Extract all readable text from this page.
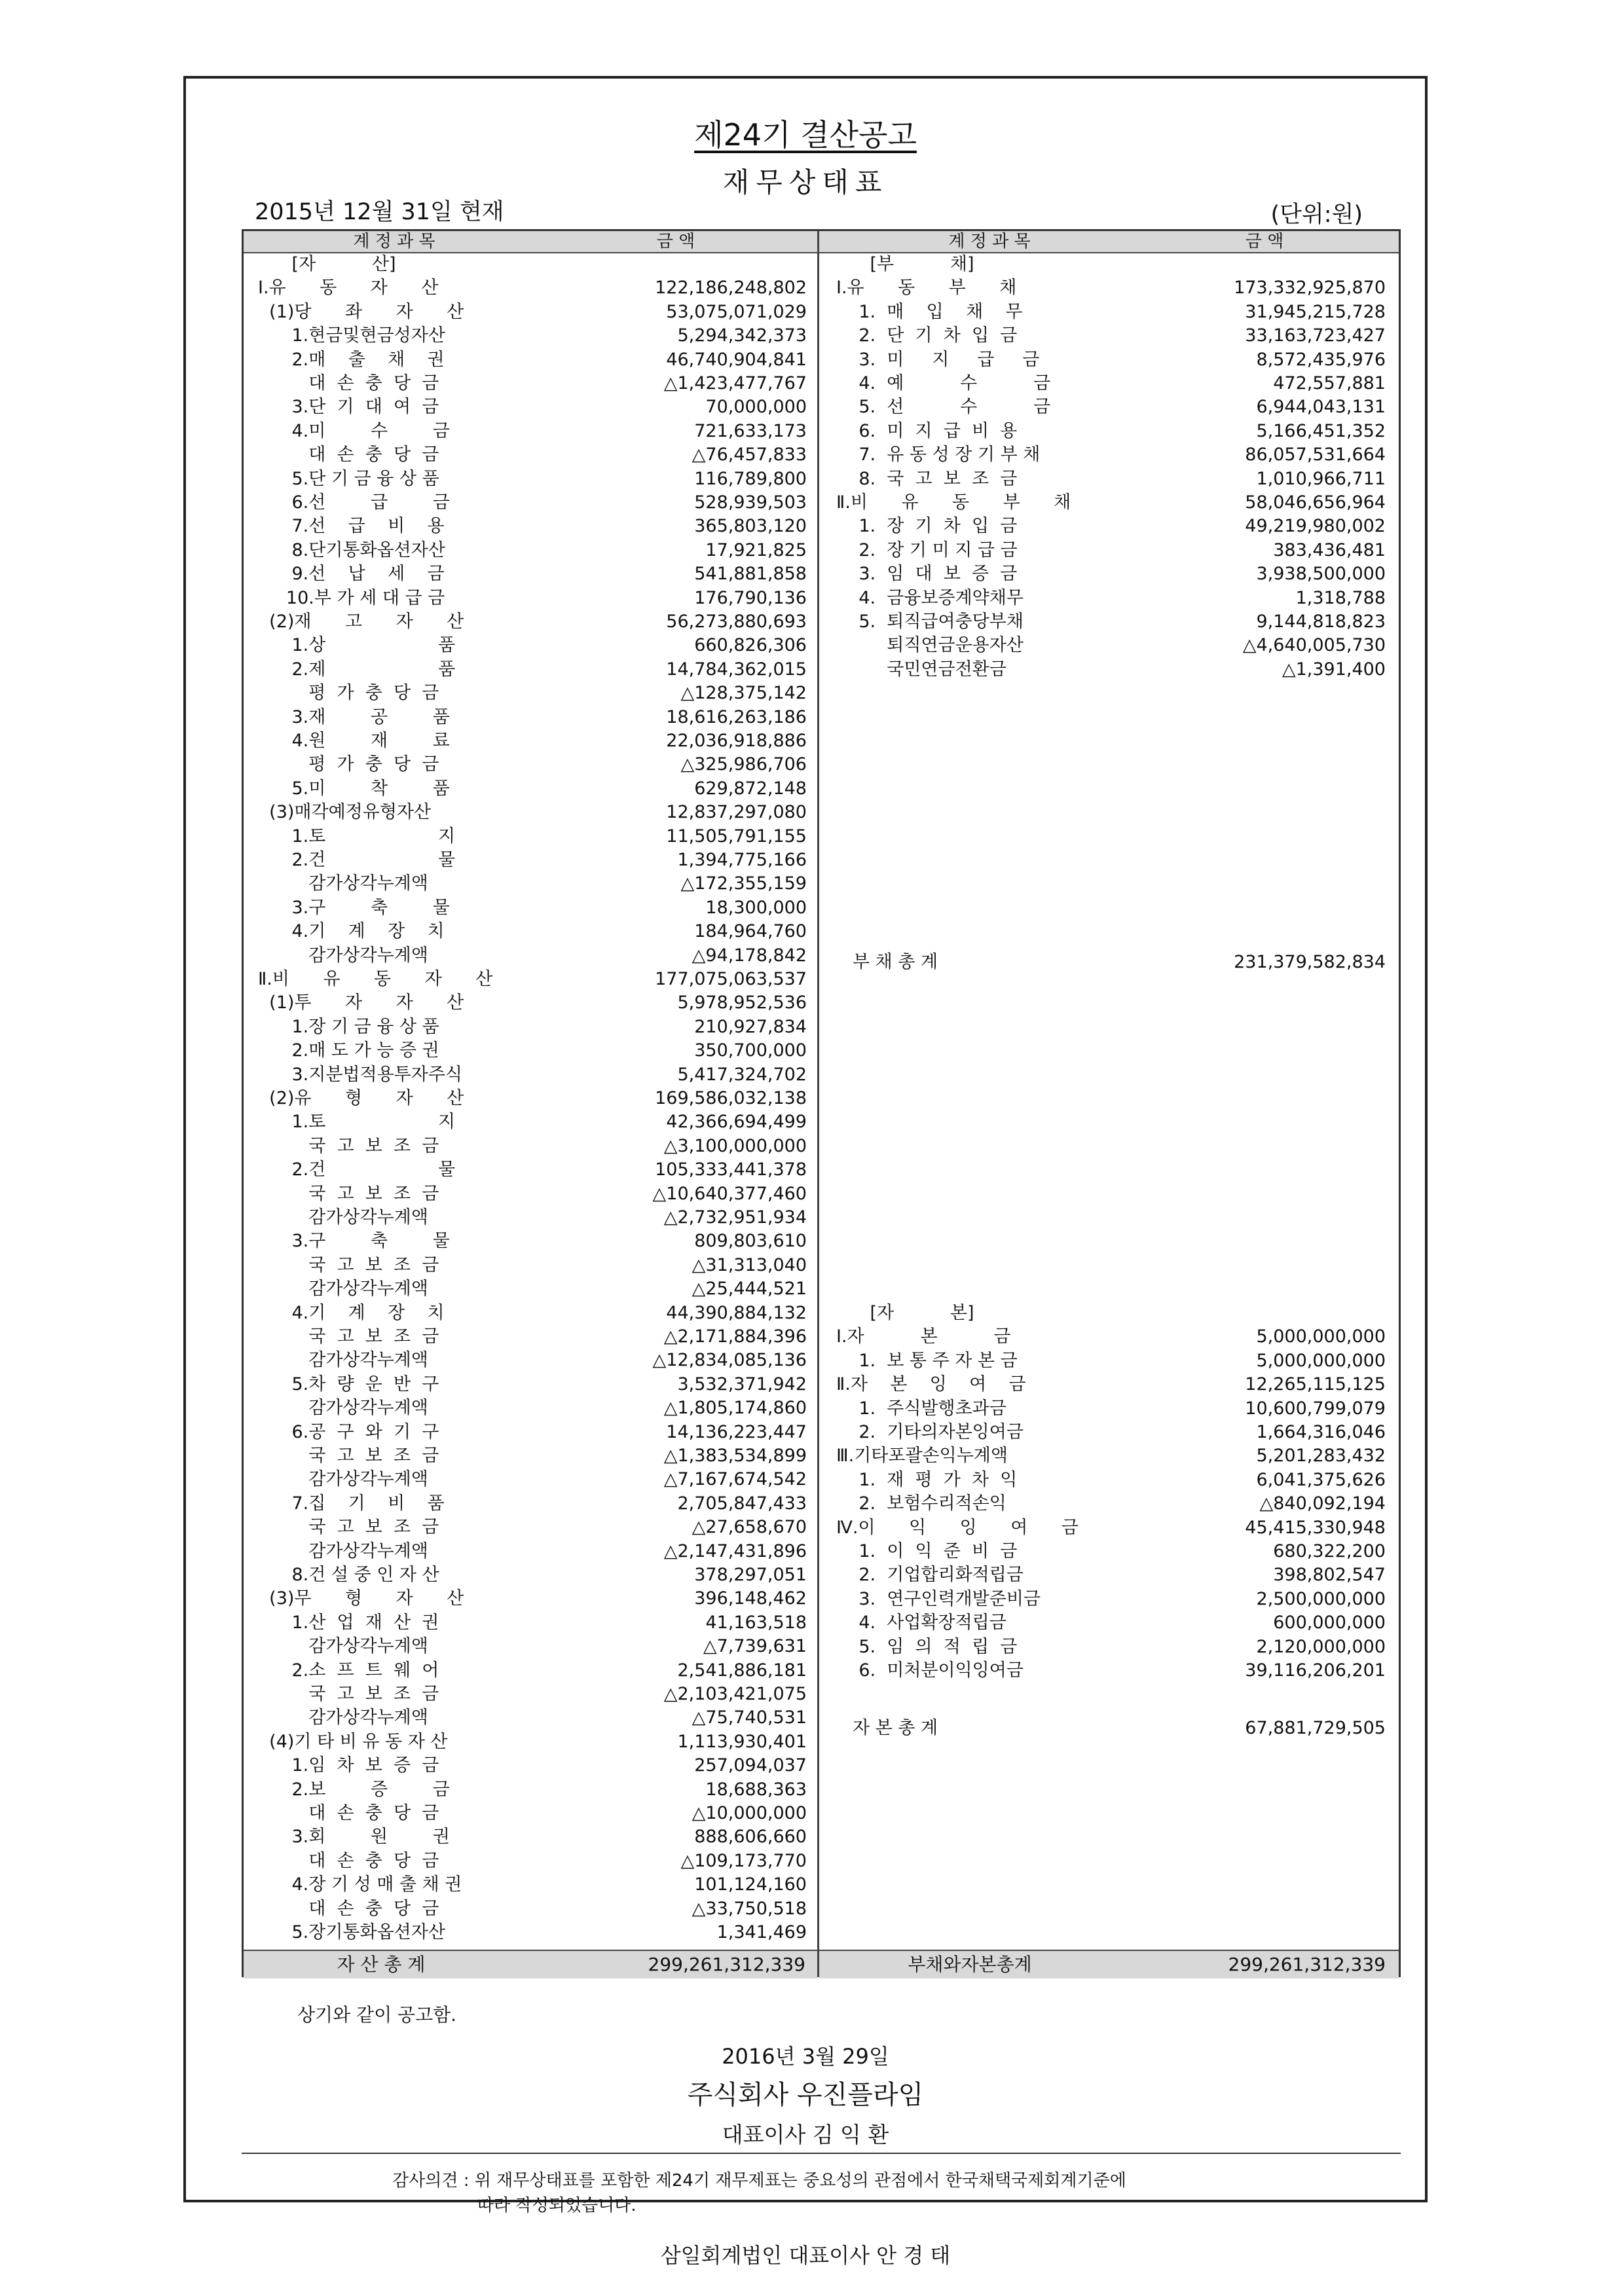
제24기 결산공고
재무상태표
2015년 12월 31일 현재	(단위:원)
계 정 과 목	금 액	계 정 과 목	금 액
[자          산]
Ⅰ.유      동      자      산	122,186,248,802
(1)당      좌      자      산	53,075,071,029
1.현금및현금성자산	5,294,342,373
2.매    출    채    권	46,740,904,841
대  손  충  당  금	△1,423,477,767
3.단  기  대  여  금	70,000,000
4.미        수        금	721,633,173
대  손  충  당  금	△76,457,833
5.단 기 금 융 상 품	116,789,800
6.선        급        금	528,939,503
7.선    급    비    용	365,803,120
8.단기통화옵션자산	17,921,825
9.선    납    세    금	541,881,858
10.부 가 세 대 급 금	176,790,136
(2)재      고      자      산	56,273,880,693
1.상                    품	660,826,306
2.제                    품	14,784,362,015
평  가  충  당  금	△128,375,142
3.재        공        품	18,616,263,186
4.원        재        료	22,036,918,886
평  가  충  당  금	△325,986,706
5.미        착        품	629,872,148
(3)매각예정유형자산	12,837,297,080
1.토                    지	11,505,791,155
2.건                    물	1,394,775,166
감가상각누계액	△172,355,159
3.구        축        물	18,300,000
4.기    계    장    치	184,964,760
감가상각누계액	△94,178,842
Ⅱ.비      유      동      자      산	177,075,063,537
(1)투      자      자      산	5,978,952,536
1.장 기 금 융 상 품	210,927,834
2.매 도 가 능 증 권	350,700,000
3.지분법적용투자주식	5,417,324,702
(2)유      형      자      산	169,586,032,138
1.토                    지	42,366,694,499
국  고  보  조  금	△3,100,000,000
2.건                    물	105,333,441,378
국  고  보  조  금	△10,640,377,460
감가상각누계액	△2,732,951,934
3.구        축        물	809,803,610
국  고  보  조  금	△31,313,040
감가상각누계액	△25,444,521
4.기    계    장    치	44,390,884,132
국  고  보  조  금	△2,171,884,396
감가상각누계액	△12,834,085,136
5.차  량  운  반  구	3,532,371,942
감가상각누계액	△1,805,174,860
6.공  구  와  기  구	14,136,223,447
국  고  보  조  금	△1,383,534,899
감가상각누계액	△7,167,674,542
7.집    기    비    품	2,705,847,433
국  고  보  조  금	△27,658,670
감가상각누계액	△2,147,431,896
8.건 설 중 인 자 산	378,297,051
(3)무      형      자      산	396,148,462
1.산  업  재  산  권	41,163,518
감가상각누계액	△7,739,631
2.소  프  트  웨  어	2,541,886,181
국  고  보  조  금	△2,103,421,075
감가상각누계액	△75,740,531
(4)기 타 비 유 동 자 산	1,113,930,401
1.임  차  보  증  금	257,094,037
2.보        증        금	18,688,363
대  손  충  당  금	△10,000,000
3.회        원        권	888,606,660
대  손  충  당  금	△109,173,770
4.장 기 성 매 출 채 권	101,124,160
대  손  충  당  금	△33,750,518
5.장기통화옵션자산	1,341,469
[부          채]
Ⅰ.유      동      부      채	173,332,925,870
1.  매    입    채    무	31,945,215,728
2.  단  기  차  입  금	33,163,723,427
3.  미     지     급     금	8,572,435,976
4.  예          수          금	472,557,881
5.  선          수          금	6,944,043,131
6.  미  지  급  비  용	5,166,451,352
7.  유 동 성 장 기 부 채	86,057,531,664
8.  국  고  보  조  금	1,010,966,711
Ⅱ.비      유      동      부      채	58,046,656,964
1.  장  기  차  입  금	49,219,980,002
2.  장 기 미 지 급 금	383,436,481
3.  임  대  보  증  금	3,938,500,000
4.  금융보증계약채무	1,318,788
5.  퇴직급여충당부채	9,144,818,823
퇴직연금운용자산	△4,640,005,730
국민연금전환금	△1,391,400
[자          본]
Ⅰ.자          본          금	5,000,000,000
1.  보 통 주 자 본 금	5,000,000,000
Ⅱ.자    본    잉    여    금	12,265,115,125
1.  주식발행초과금	10,600,799,079
2.  기타의자본잉여금	1,664,316,046
Ⅲ.기타포괄손익누계액	5,201,283,432
1.  재  평  가  차  익	6,041,375,626
2.  보험수리적손익	△840,092,194
Ⅳ.이      익      잉      여      금	45,415,330,948
1.  이  익  준  비  금	680,322,200
2.  기업합리화적립금	398,802,547
3.  연구인력개발준비금	2,500,000,000
4.  사업확장적립금	600,000,000
5.  임  의  적  립  금	2,120,000,000
6.  미처분이익잉여금	39,116,206,201
부 채 총 계	231,379,582,834
자 본 총 계	67,881,729,505
자 산 총 계	299,261,312,339	부채와자본총계	299,261,312,339
상기와 같이 공고함.
2016년 3월 29일
주식회사 우진플라임
대표이사 김 익 환
감사의견 : 위 재무상태표를 포함한 제24기 재무제표는 중요성의 관점에서 한국채택국제회계기준에
따라 작성되었습니다.
삼일회계법인 대표이사 안 경 태
